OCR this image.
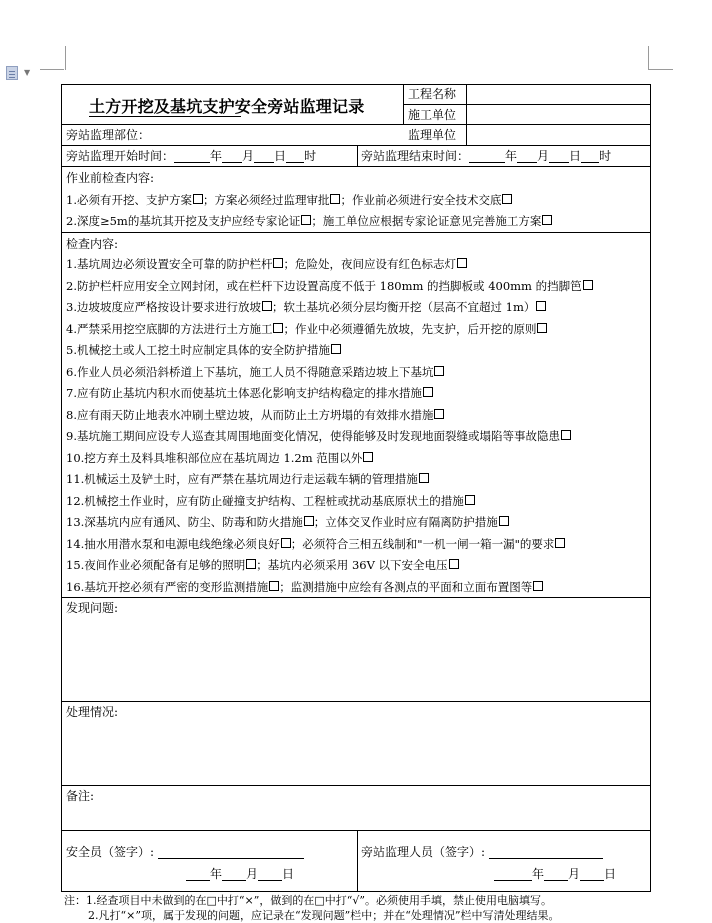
▼
土方开挖及基坑支护安全旁站监理记录
工程名称
施工单位
旁站监理部位：	监理单位
旁站监理开始时间：	年 月 日 时	旁站监理结束时间：	年 月 日 时
作业前检查内容:
1.必须有开挖、支护方案 ；方案必须经过监理审批 ；作业前必须进行安全技术交底
2.深度≥5m的基坑其开挖及支护应经专家论证 ；施工单位应根据专家论证意见完善施工方案
检查内容:
1.基坑周边必须设置安全可靠的防护栏杆 ；危险处，夜间应设有红色标志灯
2.防护栏杆应用安全立网封闭，或在栏杆下边设置高度不低于 180mm 的挡脚板或 400mm 的挡脚笆
3.边坡坡度应严格按设计要求进行放坡 ；软土基坑必须分层均衡开挖（层高不宜超过 1m）
4.严禁采用挖空底脚的方法进行土方施工 ；作业中必须遵循先放坡，先支护，后开挖的原则
5.机械挖土或人工挖土时应制定具体的安全防护措施
6.作业人员必须沿斜桥道上下基坑，施工人员不得随意采踏边坡上下基坑
7.应有防止基坑内积水而使基坑土体恶化影响支护结构稳定的排水措施
8.应有雨天防止地表水冲刷土壁边坡，从而防止土方坍塌的有效排水措施
9.基坑施工期间应设专人巡查其周围地面变化情况，使得能够及时发现地面裂缝或塌陷等事故隐患
10.挖方弃土及料具堆积部位应在基坑周边 1.2m 范围以外
11.机械运土及铲土时，应有严禁在基坑周边行走运载车辆的管理措施
12.机械挖土作业时，应有防止碰撞支护结构、工程桩或扰动基底原状土的措施
13.深基坑内应有通风、防尘、防毒和防火措施 ；立体交叉作业时应有隔离防护措施
14.抽水用潜水泵和电源电线绝缘必须良好 ；必须符合三相五线制和"一机一闸一箱一漏"的要求
15.夜间作业必须配备有足够的照明 ；基坑内必须采用 36V 以下安全电压
16.基坑开挖必须有严密的变形监测措施 ；监测措施中应绘有各测点的平面和立面布置图等
发现问题:
处理情况:
备注:
安全员（签字）:
年 月 日
旁站监理人员（签字）:
年 月 日
注：1.经查项目中未做到的在□中打“×”，做到的在□中打“√”。必须使用手填，禁止使用电脑填写。
2.凡打“×”项，属于发现的问题，应记录在“发现问题”栏中；并在“处理情况”栏中写清处理结果。
